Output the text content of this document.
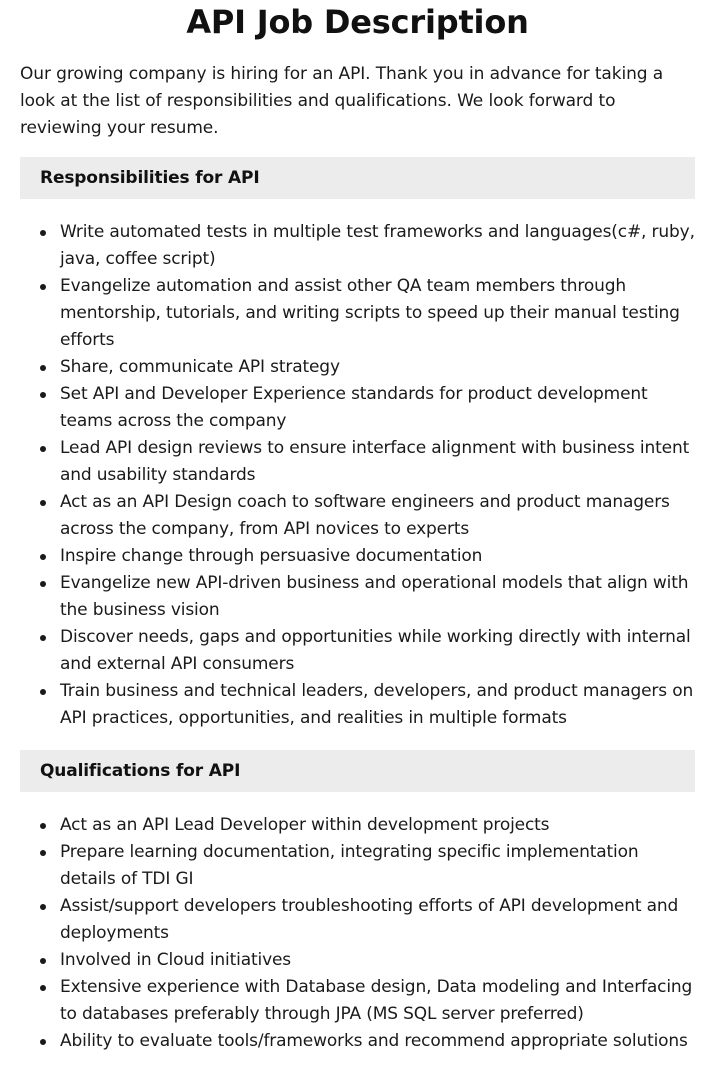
API Job Description

Our growing company is hiring for an API. Thank you in advance for taking a look at the list of responsibilities and qualifications. We look forward to reviewing your resume.

Responsibilities for API
Write automated tests in multiple test frameworks and languages(c#, ruby, java, coffee script)
Evangelize automation and assist other QA team members through mentorship, tutorials, and writing scripts to speed up their manual testing efforts
Share, communicate API strategy
Set API and Developer Experience standards for product development teams across the company
Lead API design reviews to ensure interface alignment with business intent and usability standards
Act as an API Design coach to software engineers and product managers across the company, from API novices to experts
Inspire change through persuasive documentation
Evangelize new API-driven business and operational models that align with the business vision
Discover needs, gaps and opportunities while working directly with internal and external API consumers
Train business and technical leaders, developers, and product managers on API practices, opportunities, and realities in multiple formats
Qualifications for API
Act as an API Lead Developer within development projects
Prepare learning documentation, integrating specific implementation details of TDI GI
Assist/support developers troubleshooting efforts of API development and deployments
Involved in Cloud initiatives
Extensive experience with Database design, Data modeling and Interfacing to databases preferably through JPA (MS SQL server preferred)
Ability to evaluate tools/frameworks and recommend appropriate solutions
